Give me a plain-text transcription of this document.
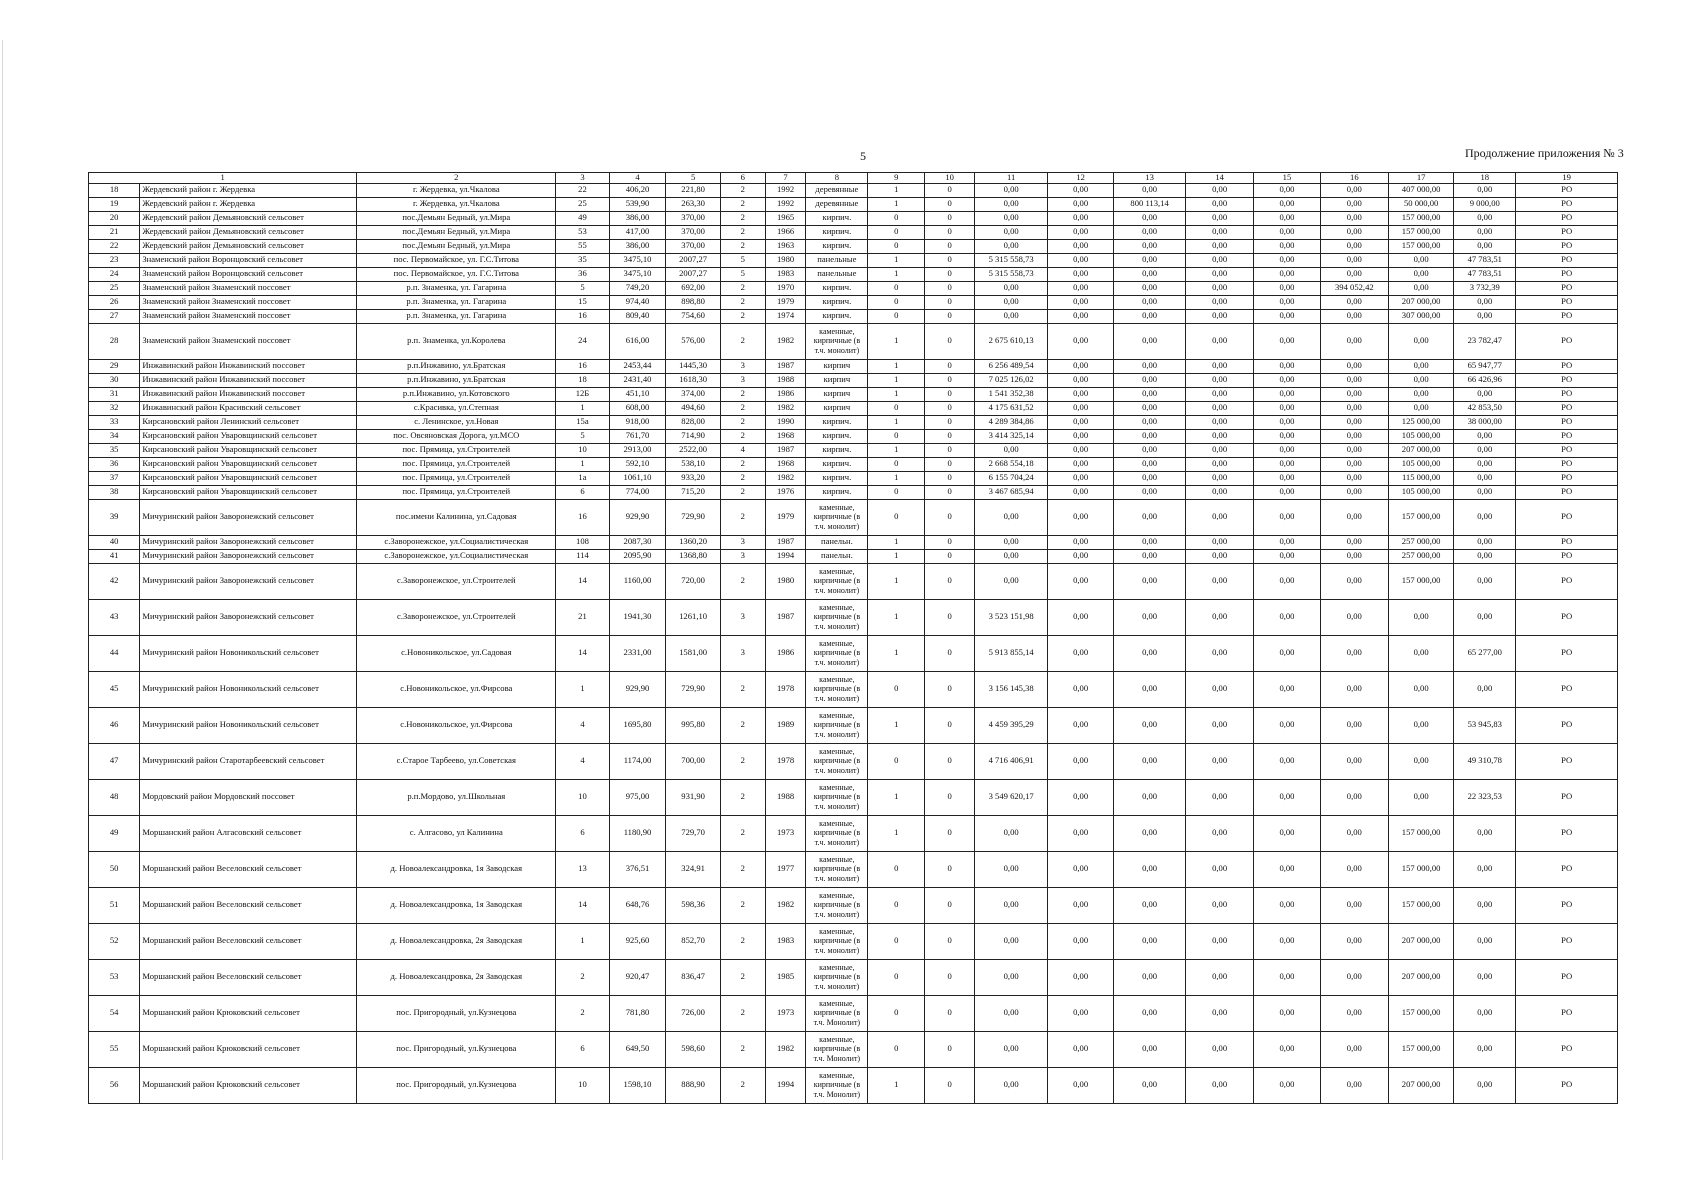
5	Продолжение приложения № 3
1		2	3	4	5	6	7	8	9	10	11	12	13	14	15	16	17	18	19
18	Жердевский район г. Жердевка	г. Жердевка, ул.Чкалова	22	406,20	221,80	2	1992	деревянные	1	0	0,00	0,00	0,00	0,00	0,00	0,00	407 000,00	0,00	РО
19	Жердевский район г. Жердевка	г. Жердевка, ул.Чкалова	25	539,90	263,30	2	1992	деревянные	1	0	0,00	0,00	800 113,14	0,00	0,00	0,00	50 000,00	9 000,00	РО
20	Жердевский район Демьяновский сельсовет	пос.Демьян Бедный, ул.Мира	49	386,00	370,00	2	1965	кирпич.	0	0	0,00	0,00	0,00	0,00	0,00	0,00	157 000,00	0,00	РО
21	Жердевский район Демьяновский сельсовет	пос.Демьян Бедный, ул.Мира	53	417,00	370,00	2	1966	кирпич.	0	0	0,00	0,00	0,00	0,00	0,00	0,00	157 000,00	0,00	РО
22	Жердевский район Демьяновский сельсовет	пос.Демьян Бедный, ул.Мира	55	386,00	370,00	2	1963	кирпич.	0	0	0,00	0,00	0,00	0,00	0,00	0,00	157 000,00	0,00	РО
23	Знаменский район Воронцовский сельсовет	пос. Первомайское, ул. Г.С.Титова	35	3475,10	2007,27	5	1980	панельные	1	0	5 315 558,73	0,00	0,00	0,00	0,00	0,00	0,00	47 783,51	РО
24	Знаменский район Воронцовский сельсовет	пос. Первомайское, ул. Г.С.Титова	36	3475,10	2007,27	5	1983	панельные	1	0	5 315 558,73	0,00	0,00	0,00	0,00	0,00	0,00	47 783,51	РО
25	Знаменский район Знаменский поссовет	р.п. Знаменка, ул. Гагарина	5	749,20	692,00	2	1970	кирпич.	0	0	0,00	0,00	0,00	0,00	0,00	394 052,42	0,00	3 732,39	РО
26	Знаменский район Знаменский поссовет	р.п. Знаменка, ул. Гагарина	15	974,40	898,80	2	1979	кирпич.	0	0	0,00	0,00	0,00	0,00	0,00	0,00	207 000,00	0,00	РО
27	Знаменский район Знаменский поссовет	р.п. Знаменка, ул. Гагарина	16	809,40	754,60	2	1974	кирпич.	0	0	0,00	0,00	0,00	0,00	0,00	0,00	307 000,00	0,00	РО
28	Знаменский район Знаменский поссовет	р.п. Знаменка, ул.Королева	24	616,00	576,00	2	1982	каменные, кирпичные (в т.ч. монолит)	1	0	2 675 610,13	0,00	0,00	0,00	0,00	0,00	0,00	23 782,47	РО
29	Инжавинский район Инжавинский поссовет	р.п.Инжавино, ул.Братская	16	2453,44	1445,30	3	1987	кирпич	1	0	6 256 489,54	0,00	0,00	0,00	0,00	0,00	0,00	65 947,77	РО
30	Инжавинский район Инжавинский поссовет	р.п.Инжавино, ул.Братская	18	2431,40	1618,30	3	1988	кирпич	1	0	7 025 126,02	0,00	0,00	0,00	0,00	0,00	0,00	66 426,96	РО
31	Инжавинский район Инжавинский поссовет	р.п.Инжавино, ул.Котовского	12Б	451,10	374,00	2	1986	кирпич	1	0	1 541 352,38	0,00	0,00	0,00	0,00	0,00	0,00	0,00	РО
32	Инжавинский район Красивский сельсовет	с.Красивка, ул.Степная	1	608,00	494,60	2	1982	кирпич	0	0	4 175 631,52	0,00	0,00	0,00	0,00	0,00	0,00	42 853,50	РО
33	Кирсановский район Ленинский сельсовет	с. Ленинское, ул.Новая	15а	918,00	828,00	2	1990	кирпич.	1	0	4 289 384,86	0,00	0,00	0,00	0,00	0,00	125 000,00	38 000,00	РО
34	Кирсановский район Уваровщинский сельсовет	пос. Овсяновская Дорога, ул.МСО	5	761,70	714,90	2	1968	кирпич.	0	0	3 414 325,14	0,00	0,00	0,00	0,00	0,00	105 000,00	0,00	РО
35	Кирсановский район Уваровщинский сельсовет	пос. Прямица, ул.Строителей	10	2913,00	2522,00	4	1987	кирпич.	1	0	0,00	0,00	0,00	0,00	0,00	0,00	207 000,00	0,00	РО
36	Кирсановский район Уваровщинский сельсовет	пос. Прямица, ул.Строителей	1	592,10	538,10	2	1968	кирпич.	0	0	2 668 554,18	0,00	0,00	0,00	0,00	0,00	105 000,00	0,00	РО
37	Кирсановский район Уваровщинский сельсовет	пос. Прямица, ул.Строителей	1а	1061,10	933,20	2	1982	кирпич.	1	0	6 155 704,24	0,00	0,00	0,00	0,00	0,00	115 000,00	0,00	РО
38	Кирсановский район Уваровщинский сельсовет	пос. Прямица, ул.Строителей	6	774,00	715,20	2	1976	кирпич.	0	0	3 467 685,94	0,00	0,00	0,00	0,00	0,00	105 000,00	0,00	РО
39	Мичуринский район Заворонежский сельсовет	пос.имени Калинина, ул.Садовая	16	929,90	729,90	2	1979	каменные, кирпичные (в т.ч. монолит)	0	0	0,00	0,00	0,00	0,00	0,00	0,00	157 000,00	0,00	РО
40	Мичуринский район Заворонежский сельсовет	с.Заворонежское, ул.Социалистическая	108	2087,30	1360,20	3	1987	панельн.	1	0	0,00	0,00	0,00	0,00	0,00	0,00	257 000,00	0,00	РО
41	Мичуринский район Заворонежский сельсовет	с.Заворонежское, ул.Социалистическая	114	2095,90	1368,80	3	1994	панельн.	1	0	0,00	0,00	0,00	0,00	0,00	0,00	257 000,00	0,00	РО
42	Мичуринский район Заворонежский сельсовет	с.Заворонежское, ул.Строителей	14	1160,00	720,00	2	1980	каменные, кирпичные (в т.ч. монолит)	1	0	0,00	0,00	0,00	0,00	0,00	0,00	157 000,00	0,00	РО
43	Мичуринский район Заворонежский сельсовет	с.Заворонежское, ул.Строителей	21	1941,30	1261,10	3	1987	каменные, кирпичные (в т.ч. монолит)	1	0	3 523 151,98	0,00	0,00	0,00	0,00	0,00	0,00	0,00	РО
44	Мичуринский район Новоникольский сельсовет	с.Новоникольское, ул.Садовая	14	2331,00	1581,00	3	1986	каменные, кирпичные (в т.ч. монолит)	1	0	5 913 855,14	0,00	0,00	0,00	0,00	0,00	0,00	65 277,00	РО
45	Мичуринский район Новоникольский сельсовет	с.Новоникольское, ул.Фирсова	1	929,90	729,90	2	1978	каменные, кирпичные (в т.ч. монолит)	0	0	3 156 145,38	0,00	0,00	0,00	0,00	0,00	0,00	0,00	РО
46	Мичуринский район Новоникольский сельсовет	с.Новоникольское, ул.Фирсова	4	1695,80	995,80	2	1989	каменные, кирпичные (в т.ч. монолит)	1	0	4 459 395,29	0,00	0,00	0,00	0,00	0,00	0,00	53 945,83	РО
47	Мичуринский район Старотарбеевский сельсовет	с.Старое Тарбеево, ул.Советская	4	1174,00	700,00	2	1978	каменные, кирпичные (в т.ч. монолит)	0	0	4 716 406,91	0,00	0,00	0,00	0,00	0,00	0,00	49 310,78	РО
48	Мордовский район Мордовский поссовет	р.п.Мордово, ул.Школьная	10	975,00	931,90	2	1988	каменные, кирпичные (в т.ч. монолит)	1	0	3 549 620,17	0,00	0,00	0,00	0,00	0,00	0,00	22 323,53	РО
49	Моршанский район Алгасовский сельсовет	с. Алгасово, ул Калинина	6	1180,90	729,70	2	1973	каменные, кирпичные (в т.ч. монолит)	1	0	0,00	0,00	0,00	0,00	0,00	0,00	157 000,00	0,00	РО
50	Моршанский район Веселовский сельсовет	д. Новоалександровка, 1я Заводская	13	376,51	324,91	2	1977	каменные, кирпичные (в т.ч. монолит)	0	0	0,00	0,00	0,00	0,00	0,00	0,00	157 000,00	0,00	РО
51	Моршанский район Веселовский сельсовет	д. Новоалександровка, 1я Заводская	14	648,76	598,36	2	1982	каменные, кирпичные (в т.ч. монолит)	0	0	0,00	0,00	0,00	0,00	0,00	0,00	157 000,00	0,00	РО
52	Моршанский район Веселовский сельсовет	д. Новоалександровка, 2я Заводская	1	925,60	852,70	2	1983	каменные, кирпичные (в т.ч. монолит)	0	0	0,00	0,00	0,00	0,00	0,00	0,00	207 000,00	0,00	РО
53	Моршанский район Веселовский сельсовет	д. Новоалександровка, 2я Заводская	2	920,47	836,47	2	1985	каменные, кирпичные (в т.ч. монолит)	0	0	0,00	0,00	0,00	0,00	0,00	0,00	207 000,00	0,00	РО
54	Моршанский район Крюковский сельсовет	пос. Пригородный, ул.Кузнецова	2	781,80	726,00	2	1973	каменные, кирпичные (в т.ч. Монолит)	0	0	0,00	0,00	0,00	0,00	0,00	0,00	157 000,00	0,00	РО
55	Моршанский район Крюковский сельсовет	пос. Пригородный, ул.Кузнецова	6	649,50	598,60	2	1982	каменные, кирпичные (в т.ч. Монолит)	0	0	0,00	0,00	0,00	0,00	0,00	0,00	157 000,00	0,00	РО
56	Моршанский район Крюковский сельсовет	пос. Пригородный, ул.Кузнецова	10	1598,10	888,90	2	1994	каменные, кирпичные (в т.ч. Монолит)	1	0	0,00	0,00	0,00	0,00	0,00	0,00	207 000,00	0,00	РО
